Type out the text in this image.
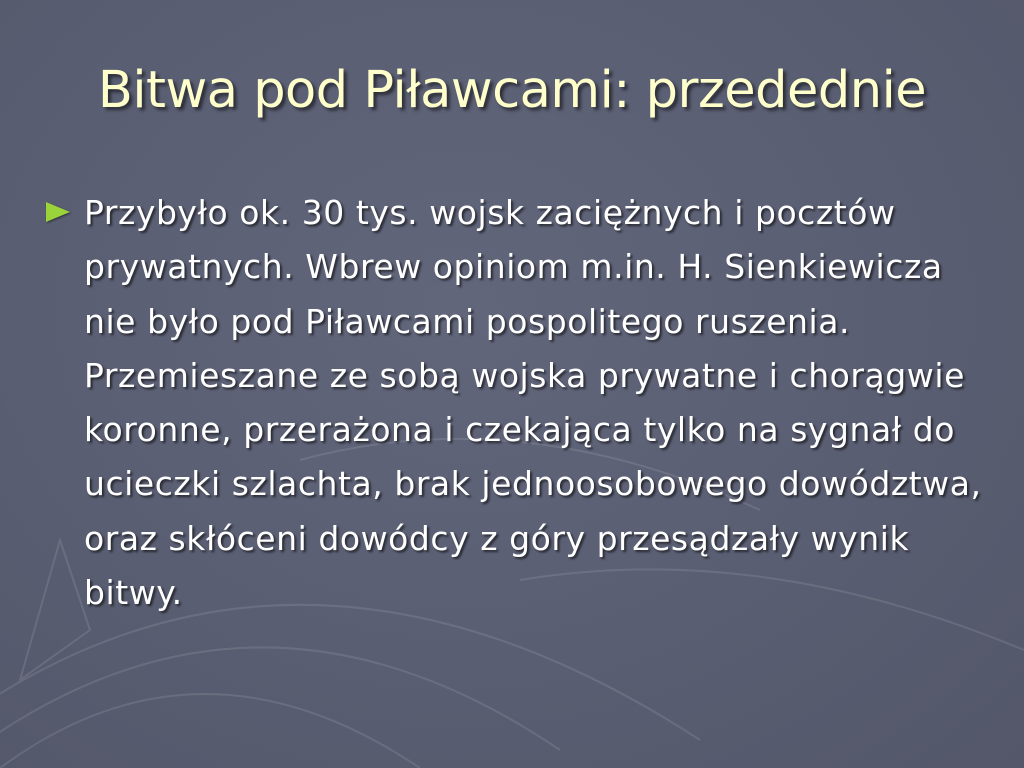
Bitwa pod Piławcami: przedednie
Przybyło ok. 30 tys. wojsk zaciężnych i pocztów prywatnych. Wbrew opiniom m.in. H. Sienkiewicza nie było pod Piławcami pospolitego ruszenia. Przemieszane ze sobą wojska prywatne i chorągwie koronne, przerażona i czekająca tylko na sygnał do ucieczki szlachta, brak jednoosobowego dowództwa, oraz skłóceni dowódcy z góry przesądzały wynik bitwy.
